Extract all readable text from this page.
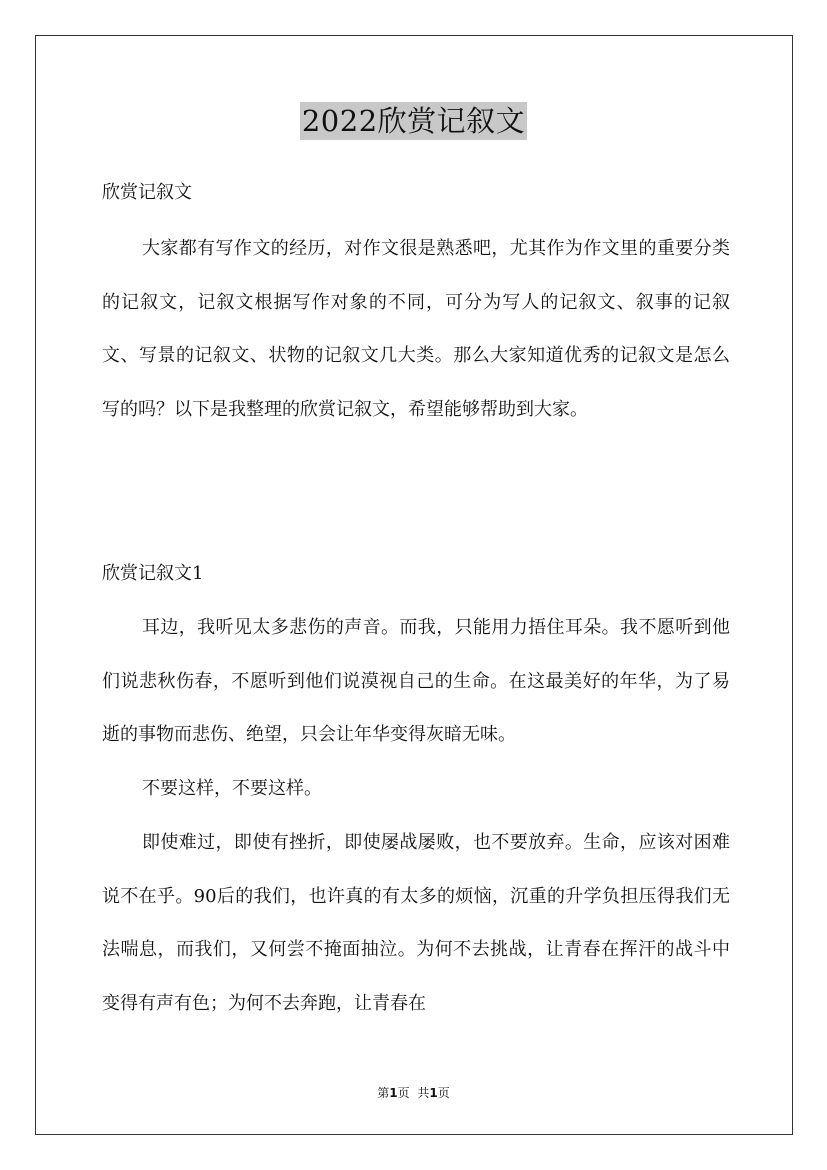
2022欣赏记叙文
欣赏记叙文

大家都有写作文的经历，对作文很是熟悉吧，尤其作为作文里的重要分类的记叙文，记叙文根据写作对象的不同，可分为写人的记叙文、叙事的记叙文、写景的记叙文、状物的记叙文几大类。那么大家知道优秀的记叙文是怎么写的吗？以下是我整理的欣赏记叙文，希望能够帮助到大家。

欣赏记叙文1

耳边，我听见太多悲伤的声音。而我，只能用力捂住耳朵。我不愿听到他们说悲秋伤春，不愿听到他们说漠视自己的生命。在这最美好的年华，为了易逝的事物而悲伤、绝望，只会让年华变得灰暗无味。

不要这样，不要这样。

即使难过，即使有挫折，即使屡战屡败，也不要放弃。生命，应该对困难说不在乎。90后的我们，也许真的有太多的烦恼，沉重的升学负担压得我们无法喘息，而我们，又何尝不掩面抽泣。为何不去挑战，让青春在挥汗的战斗中变得有声有色；为何不去奔跑，让青春在

第1页 共1页
